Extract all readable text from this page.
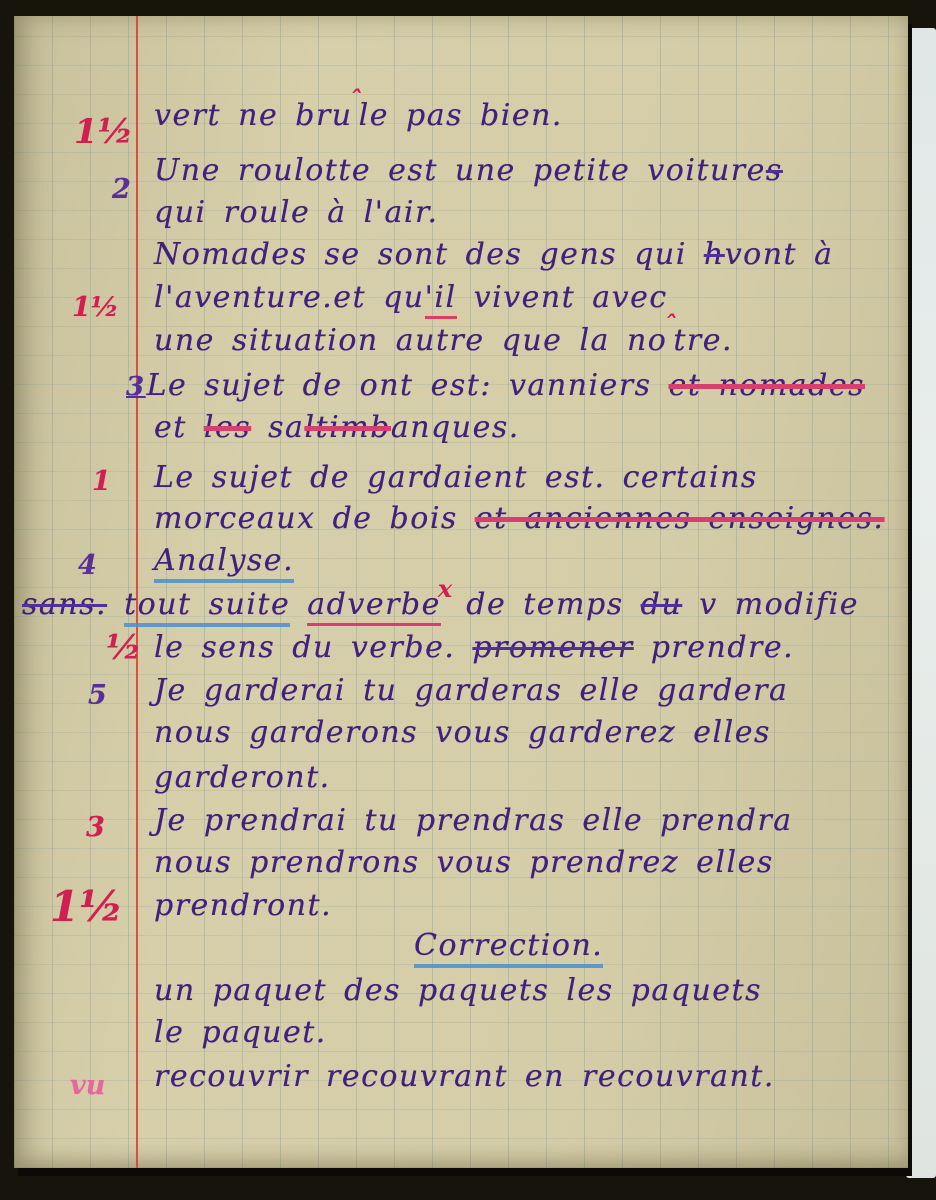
1½
2
1½
1
4
½
5
3
1½
vu
vert ne bru$^ˆ$le pas bien.
Une roulotte est une petite voitures
qui roule à l'air.
Nomades se sont des gens qui hvont à
l'aventure.et qu'il vivent avec
une situation autre que la $no^ˆtre$.
3Le sujet de ont est: vanniers et nomades
et les saltimbanques.
Le sujet de gardaient est. certains
morceaux de bois et anciennes enseignes.
Analyse.
sans. tout suite adverbe$^x$ de temps du v modifie
le sens du verbe. promener prendre.
Je garderai tu garderas elle gardera
nous garderons vous garderez elles
garderont.
Je prendrai tu prendras elle prendra
nous prendrons vous prendrez elles
prendront.
Correction.
un paquet des paquets les paquets
le paquet.
recouvrir recouvrant en recouvrant.
